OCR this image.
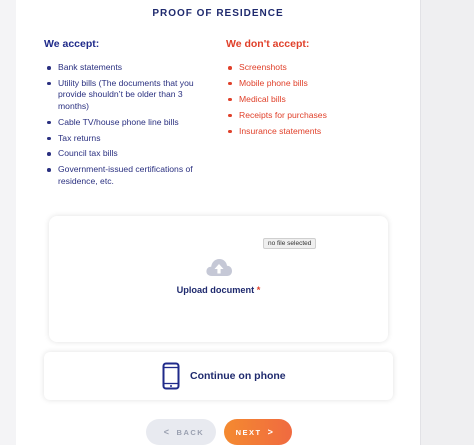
PROOF OF RESIDENCE
We accept:
Bank statements
Utility bills (The documents that you provide shouldn’t be older than 3 months)
Cable TV/house phone line bills
Tax returns
Council tax bills
Government-issued certifications of residence, etc.
We don't accept:
Screenshots
Mobile phone bills
Medical bills
Receipts for purchases
Insurance statements
no file selected
Upload document *
Continue on phone
< BACK	NEXT >
